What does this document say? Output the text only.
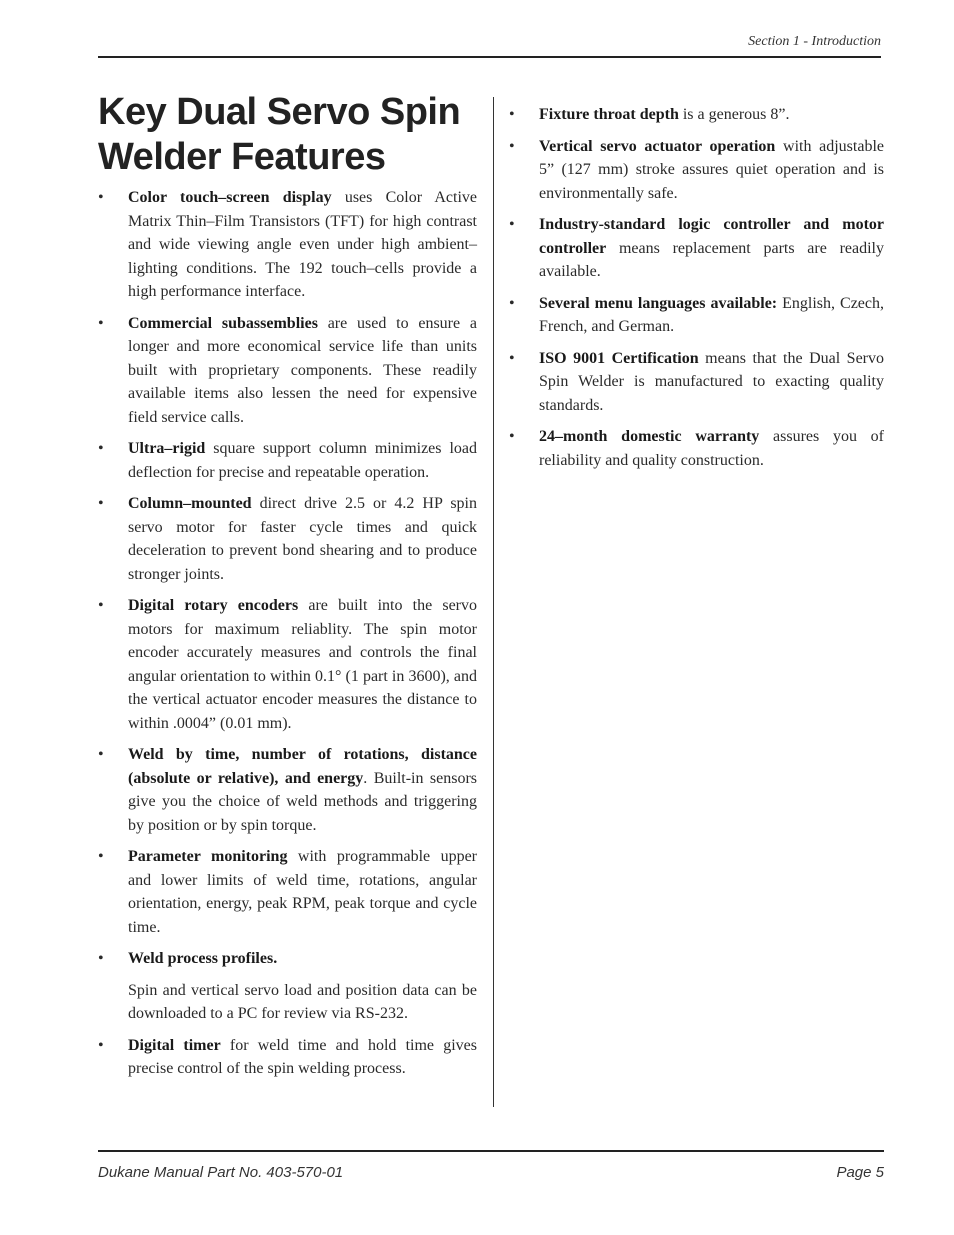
Section 1 - Introduction
Key Dual Servo Spin Welder Features
• Color touch–screen display uses Color Active Matrix Thin–Film Transistors (TFT) for high contrast and wide viewing angle even under high ambient–lighting conditions. The 192 touch–cells provide a high performance interface.
• Commercial subassemblies are used to ensure a longer and more economical service life than units built with proprietary components. These readily available items also lessen the need for expensive field service calls.
• Ultra–rigid square support column minimizes load deflection for precise and repeatable operation.
• Column–mounted direct drive 2.5 or 4.2 HP spin servo motor for faster cycle times and quick deceleration to prevent bond shearing and to produce stronger joints.
• Digital rotary encoders are built into the servo motors for maximum reliablity. The spin motor encoder accurately measures and controls the final angular orientation to within 0.1° (1 part in 3600), and the vertical actuator encoder measures the distance to within .0004” (0.01 mm).
• Weld by time, number of rotations, distance (absolute or relative), and energy. Built-in sensors give you the choice of weld methods and triggering by position or by spin torque.
• Parameter monitoring with programmable upper and lower limits of weld time, rotations, angular orientation, energy, peak RPM, peak torque and cycle time.
• Weld process profiles.

Spin and vertical servo load and position data can be downloaded to a PC for review via RS-232.

• Digital timer for weld time and hold time gives precise control of the spin welding process.
• Fixture throat depth is a generous 8”.
• Vertical servo actuator operation with adjustable 5” (127 mm) stroke assures quiet operation and is environmentally safe.
• Industry-standard logic controller and motor controller means replacement parts are readily available.
• Several menu languages available: English, Czech, French, and German.
• ISO 9001 Certification means that the Dual Servo Spin Welder is manufactured to exacting quality standards.
• 24–month domestic warranty assures you of reliability and quality construction.
Dukane Manual Part No. 403-570-01	Page 5
